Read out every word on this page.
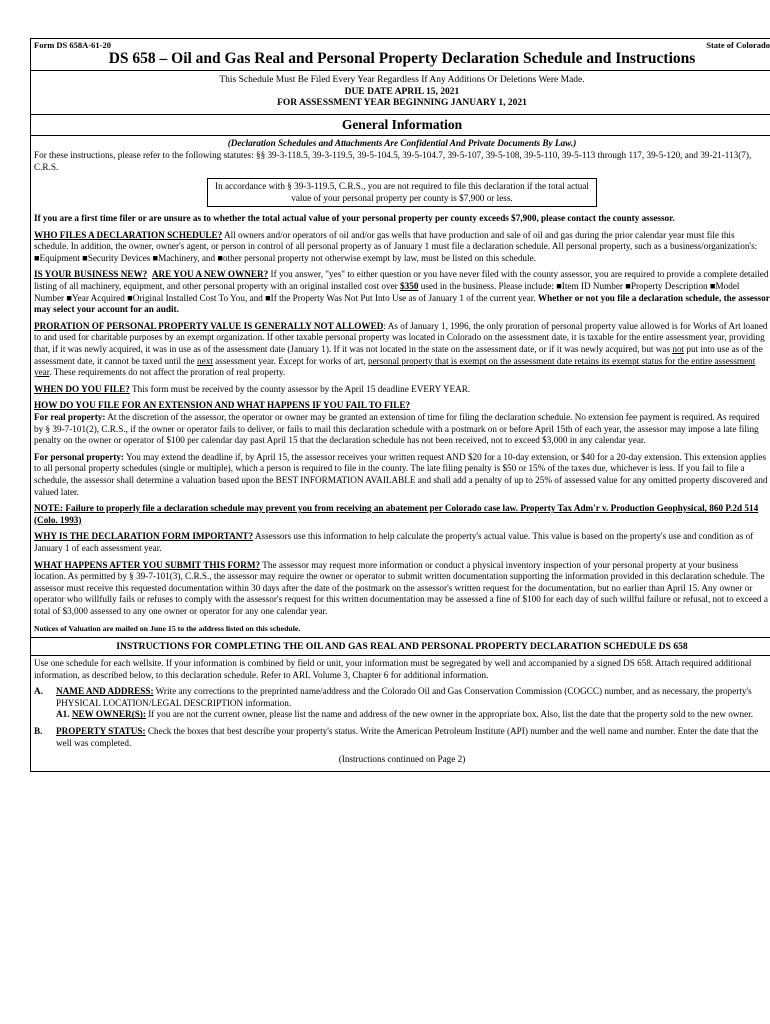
Form DS 658A-61-20	State of Colorado
DS 658 – Oil and Gas Real and Personal Property Declaration Schedule and Instructions
This Schedule Must Be Filed Every Year Regardless If Any Additions Or Deletions Were Made.
DUE DATE APRIL 15, 2021
FOR ASSESSMENT YEAR BEGINNING JANUARY 1, 2021
General Information
(Declaration Schedules and Attachments Are Confidential And Private Documents By Law.)

For these instructions, please refer to the following statutes: §§ 39-3-118.5, 39-3-119.5, 39-5-104.5, 39-5-104.7, 39-5-107, 39-5-108, 39-5-110, 39-5-113 through 117, 39-5-120, and 39-21-113(7), C.R.S.

In accordance with § 39-3-119.5, C.R.S., you are not required to file this declaration if the total actual value of your personal property per county is $7,900 or less.

If you are a first time filer or are unsure as to whether the total actual value of your personal property per county exceeds $7,900, please contact the county assessor.

WHO FILES A DECLARATION SCHEDULE? All owners and/or operators of oil and/or gas wells that have production and sale of oil and gas during the prior calendar year must file this schedule. In addition, the owner, owner's agent, or person in control of all personal property as of January 1 must file a declaration schedule. All personal property, such as a business/organization's: ■Equipment ■Security Devices ■Machinery, and ■other personal property not otherwise exempt by law, must be listed on this schedule.

IS YOUR BUSINESS NEW? ARE YOU A NEW OWNER? If you answer, "yes" to either question or you have never filed with the county assessor, you are required to provide a complete detailed listing of all machinery, equipment, and other personal property with an original installed cost over $350 used in the business. Please include: ■Item ID Number ■Property Description ■Model Number ■Year Acquired ■Original Installed Cost To You, and ■If the Property Was Not Put Into Use as of January 1 of the current year. Whether or not you file a declaration schedule, the assessor may select your account for an audit.

PRORATION OF PERSONAL PROPERTY VALUE IS GENERALLY NOT ALLOWED: As of January 1, 1996, the only proration of personal property value allowed is for Works of Art loaned to and used for charitable purposes by an exempt organization. If other taxable personal property was located in Colorado on the assessment date, it is taxable for the entire assessment year, providing that, if it was newly acquired, it was in use as of the assessment date (January 1). If it was not located in the state on the assessment date, or if it was newly acquired, but was not put into use as of the assessment date, it cannot be taxed until the next assessment year. Except for works of art, personal property that is exempt on the assessment date retains its exempt status for the entire assessment year. These requirements do not affect the proration of real property.

WHEN DO YOU FILE? This form must be received by the county assessor by the April 15 deadline EVERY YEAR.

HOW DO YOU FILE FOR AN EXTENSION AND WHAT HAPPENS IF YOU FAIL TO FILE?

For real property: At the discretion of the assessor, the operator or owner may be granted an extension of time for filing the declaration schedule. No extension fee payment is required. As required by § 39-7-101(2), C.R.S., if the owner or operator fails to deliver, or fails to mail this declaration schedule with a postmark on or before April 15th of each year, the assessor may impose a late filing penalty on the owner or operator of $100 per calendar day past April 15 that the declaration schedule has not been received, not to exceed $3,000 in any calendar year.

For personal property: You may extend the deadline if, by April 15, the assessor receives your written request AND $20 for a 10-day extension, or $40 for a 20-day extension. This extension applies to all personal property schedules (single or multiple), which a person is required to file in the county. The late filing penalty is $50 or 15% of the taxes due, whichever is less. If you fail to file a schedule, the assessor shall determine a valuation based upon the BEST INFORMATION AVAILABLE and shall add a penalty of up to 25% of assessed value for any omitted property discovered and valued later.

NOTE: Failure to properly file a declaration schedule may prevent you from receiving an abatement per Colorado case law. Property Tax Adm'r v. Production Geophysical, 860 P.2d 514 (Colo. 1993)

WHY IS THE DECLARATION FORM IMPORTANT? Assessors use this information to help calculate the property's actual value. This value is based on the property's use and condition as of January 1 of each assessment year.

WHAT HAPPENS AFTER YOU SUBMIT THIS FORM? The assessor may request more information or conduct a physical inventory inspection of your personal property at your business location. As permitted by § 39-7-101(3), C.R.S., the assessor may require the owner or operator to submit written documentation supporting the information provided in this declaration schedule. The assessor must receive this requested documentation within 30 days after the date of the postmark on the assessor's written request for the documentation, but no earlier than April 15. Any owner or operator who willfully fails or refuses to comply with the assessor's request for this written documentation may be assessed a fine of $100 for each day of such willful failure or refusal, not to exceed a total of $3,000 assessed to any one owner or operator for any one calendar year.

Notices of Valuation are mailed on June 15 to the address listed on this schedule.
INSTRUCTIONS FOR COMPLETING THE OIL AND GAS REAL AND PERSONAL PROPERTY DECLARATION SCHEDULE DS 658

Use one schedule for each wellsite. If your information is combined by field or unit, your information must be segregated by well and accompanied by a signed DS 658. Attach required additional information, as described below, to this declaration schedule. Refer to ARL Volume 3, Chapter 6 for additional information.

A.	NAME AND ADDRESS: Write any corrections to the preprinted name/address and the Colorado Oil and Gas Conservation Commission (COGCC) number, and as necessary, the property's PHYSICAL LOCATION/LEGAL DESCRIPTION information.
A1. NEW OWNER(S): If you are not the current owner, please list the name and address of the new owner in the appropriate box. Also, list the date that the property sold to the new owner.
B.	PROPERTY STATUS: Check the boxes that best describe your property's status. Write the American Petroleum Institute (API) number and the well name and number. Enter the date that the well was completed.
(Instructions continued on Page 2)
